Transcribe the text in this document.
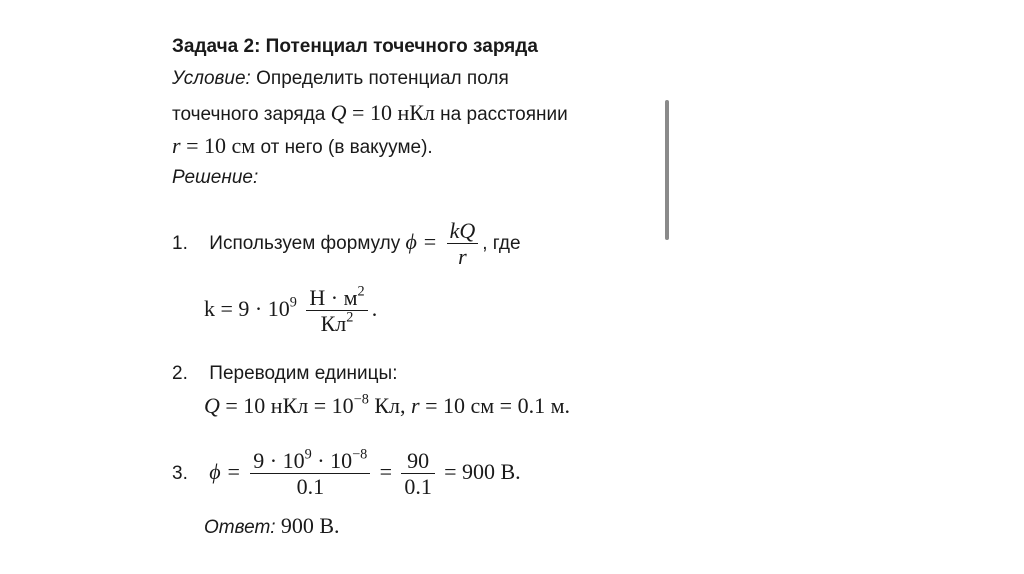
Задача 2: Потенциал точечного заряда
Условие: Определить потенциал поля
точечного заряда Q = 10 нКл на расстоянии
r = 10 см от него (в вакууме).
Решение:
1. Используем формулу $\phi = \frac{kQ}{r}$ , где
$k = 9 \cdot 10^9 \frac{Н \cdot м^2}{Кл^2}$ .
2. Переводим единицы:
Q = 10 нКл = $10^{-8}$ Кл, r = 10 см = 0.1 м.
3. $\phi = \frac{9 \cdot 10^9 \cdot 10^{-8}}{0.1} = \frac{90}{0.1} = 900$ В.
Ответ: 900 В.
